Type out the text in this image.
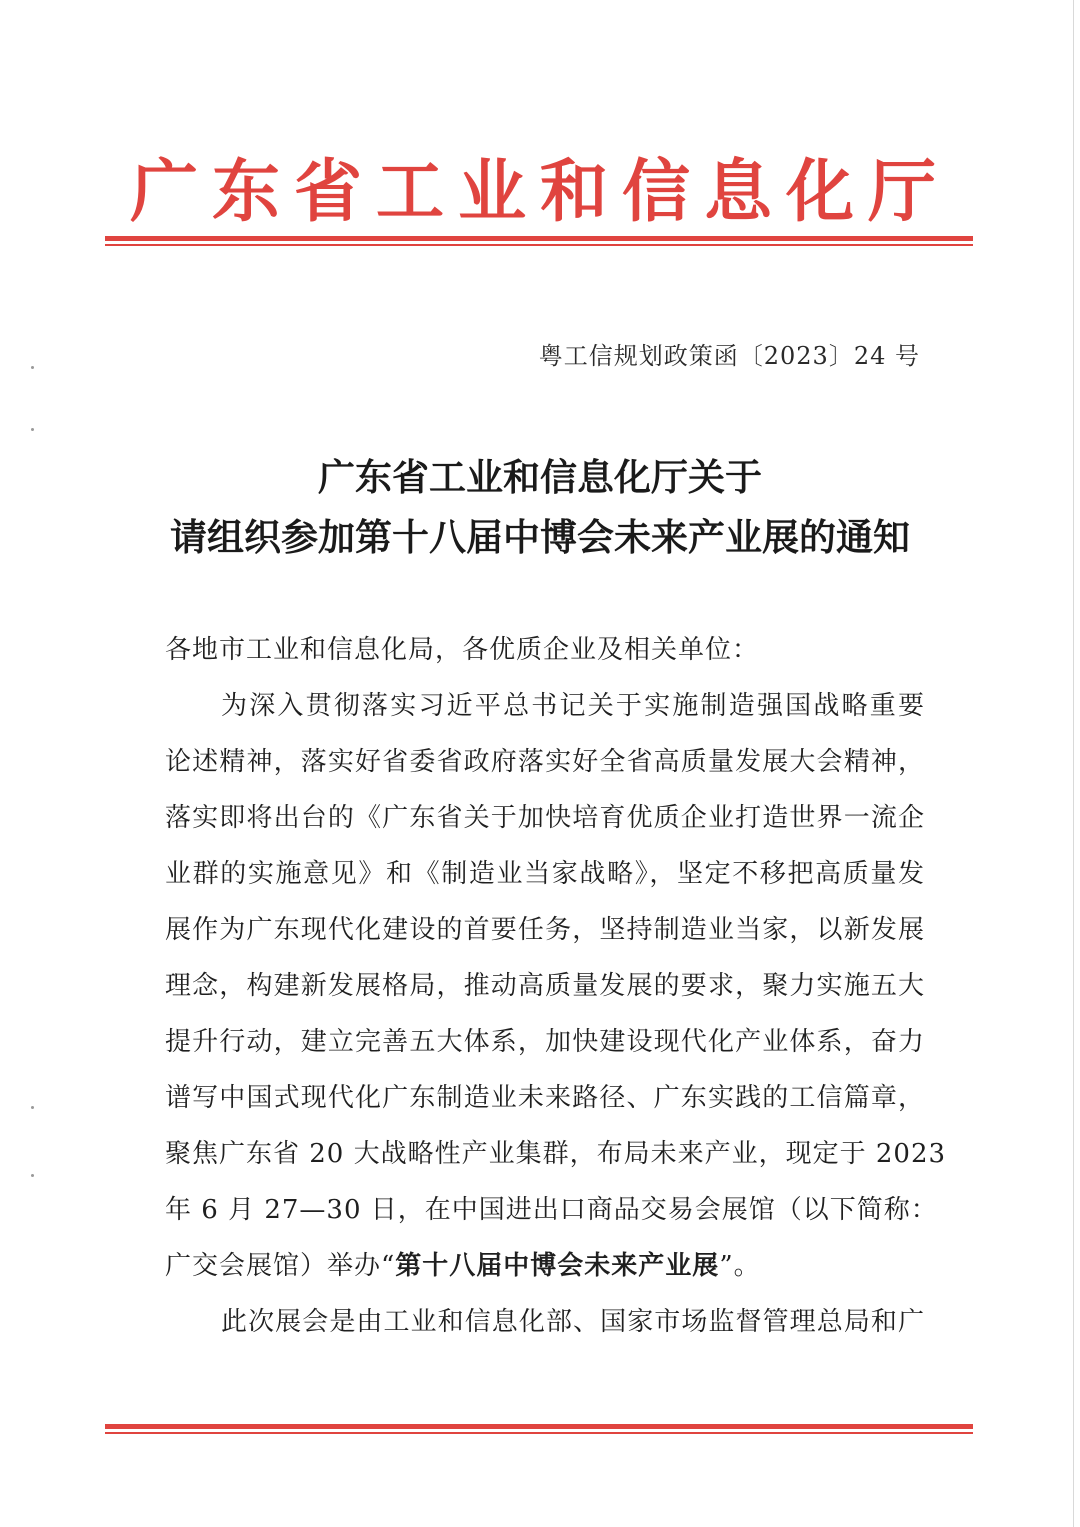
广东省工业和信息化厅
粤工信规划政策函〔2023〕24 号
广东省工业和信息化厅关于
请组织参加第十八届中博会未来产业展的通知
各地市工业和信息化局，各优质企业及相关单位：
为深入贯彻落实习近平总书记关于实施制造强国战略重要
论述精神，落实好省委省政府落实好全省高质量发展大会精神，
落实即将出台的《广东省关于加快培育优质企业打造世界一流企
业群的实施意见》和《制造业当家战略》，坚定不移把高质量发
展作为广东现代化建设的首要任务，坚持制造业当家，以新发展
理念，构建新发展格局，推动高质量发展的要求，聚力实施五大
提升行动，建立完善五大体系，加快建设现代化产业体系，奋力
谱写中国式现代化广东制造业未来路径、广东实践的工信篇章，
聚焦广东省 20 大战略性产业集群，布局未来产业，现定于 2023
年 6 月 27—30 日，在中国进出口商品交易会展馆（以下简称：
广交会展馆）举办“第十八届中博会未来产业展”。
此次展会是由工业和信息化部、国家市场监督管理总局和广
